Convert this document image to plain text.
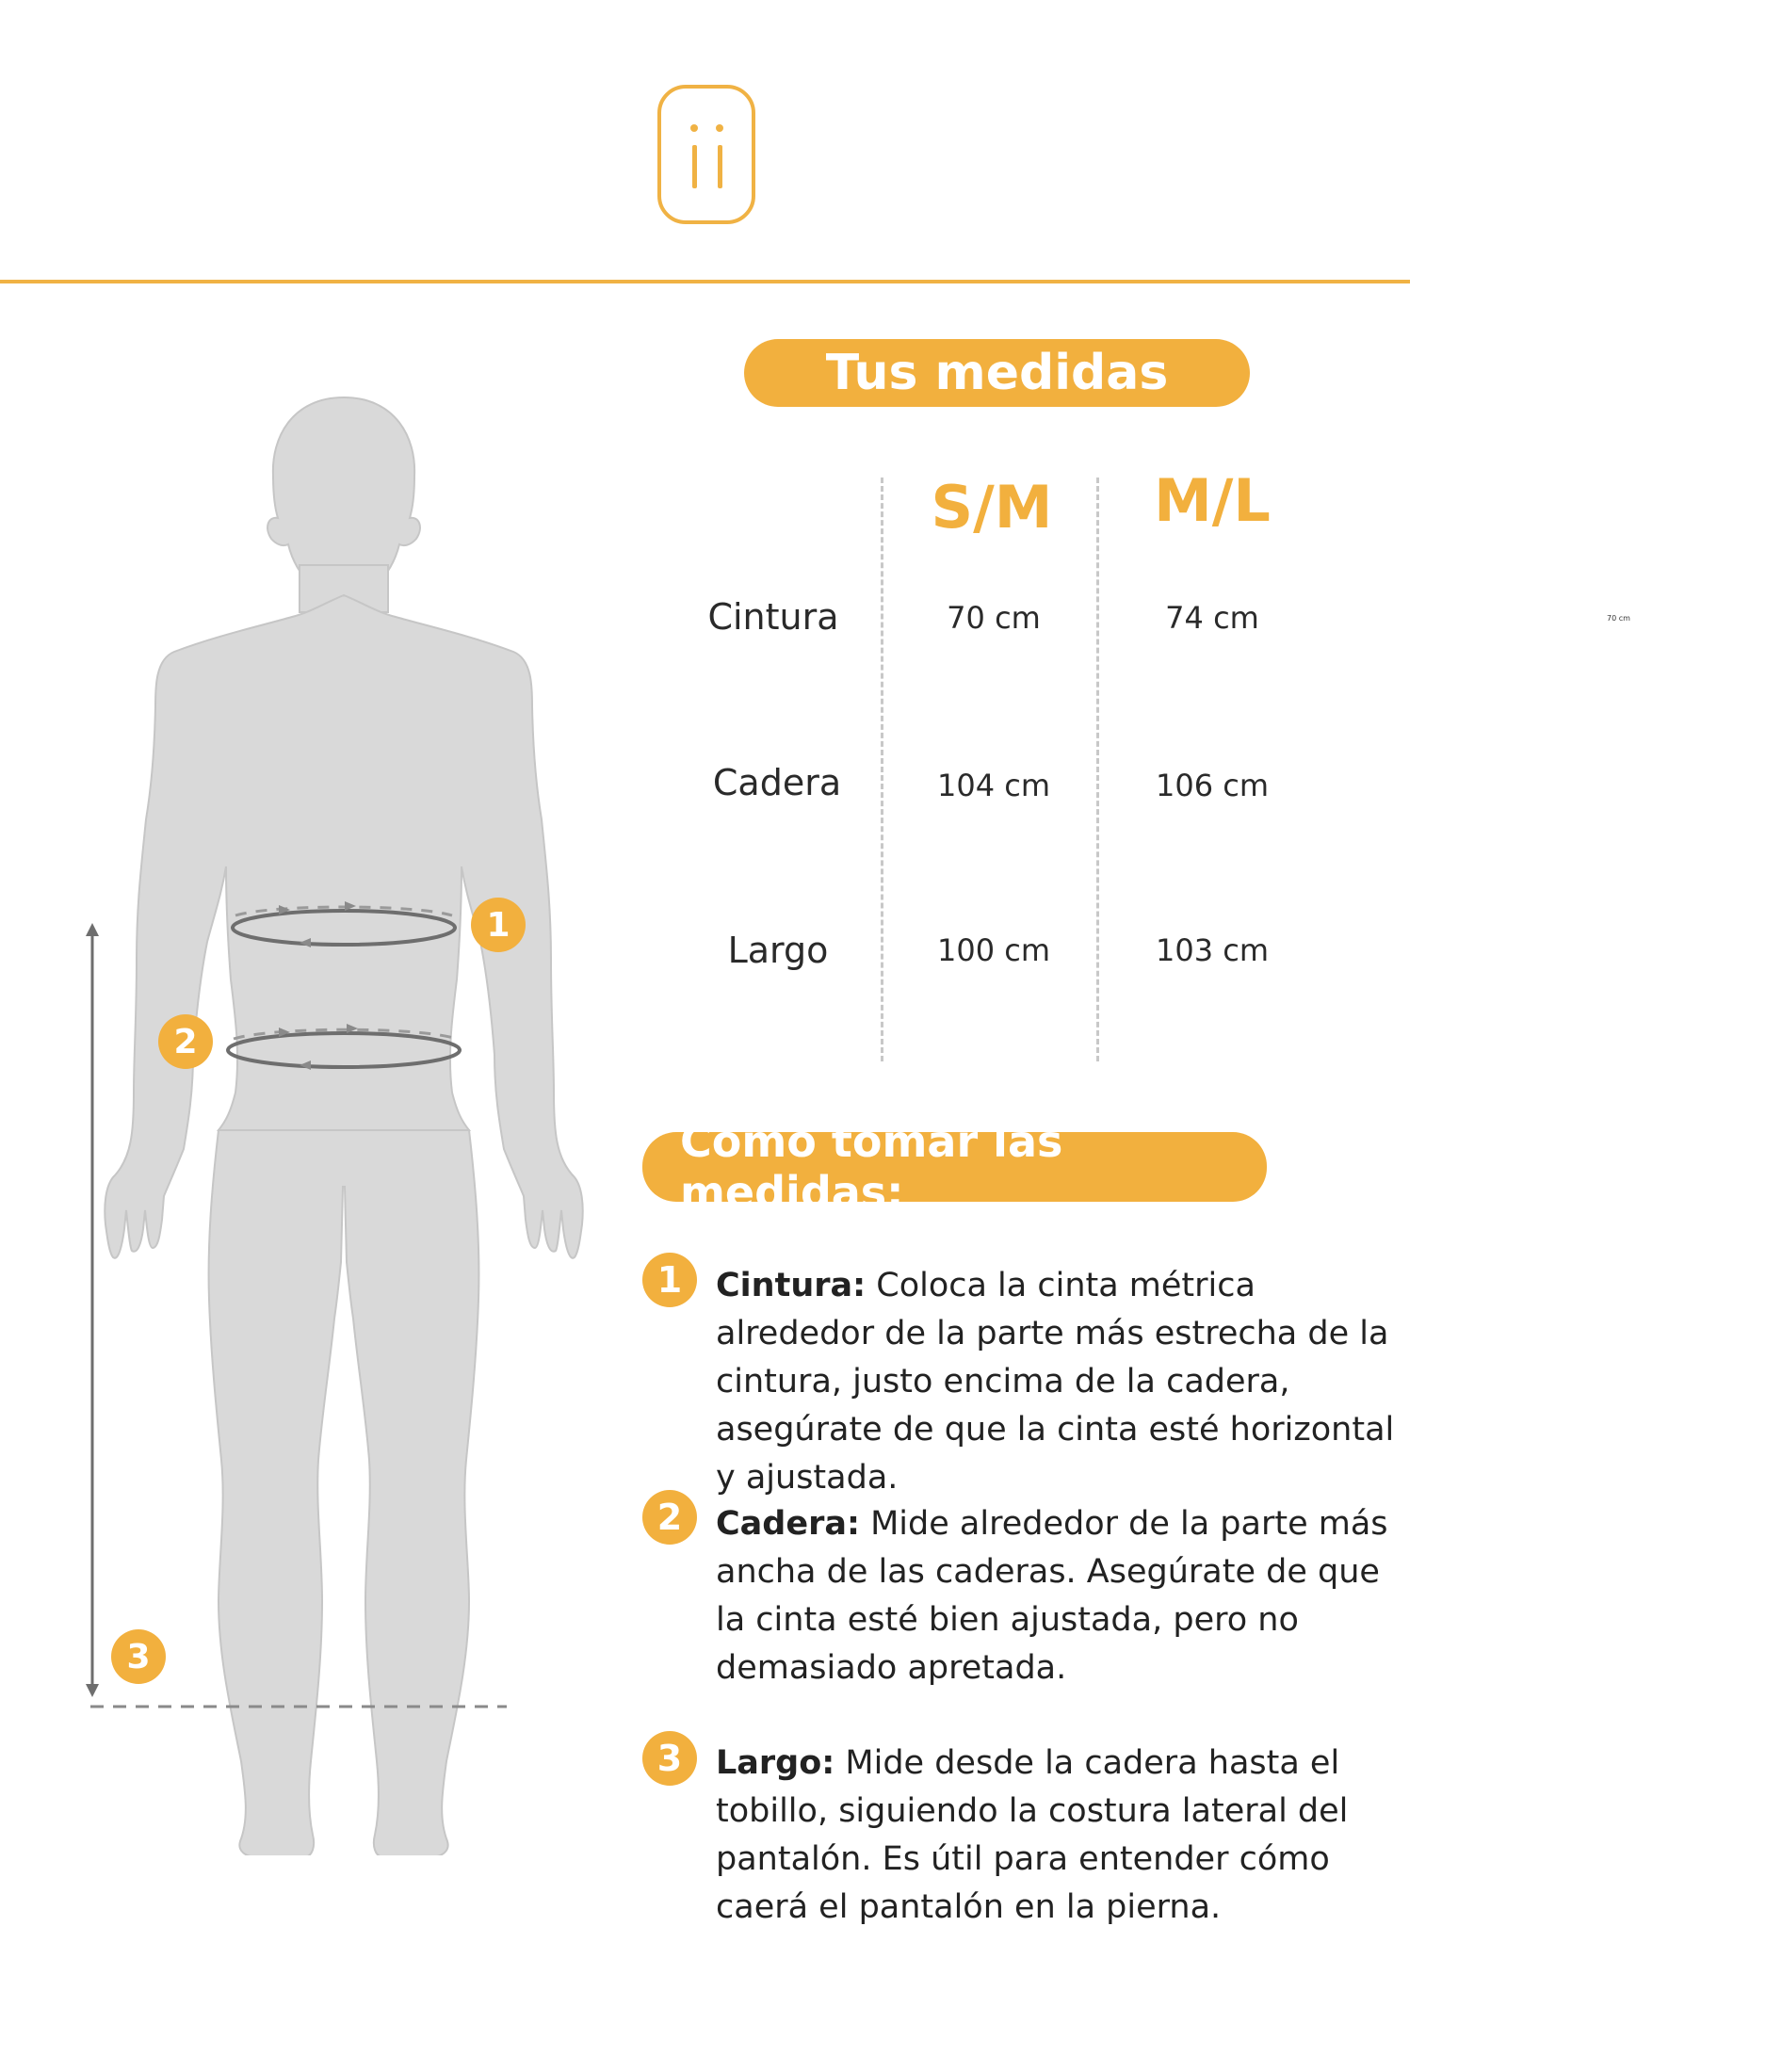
Tus medidas
S/M	M/L
Cintura	70 cm	74 cm
Cadera	104 cm	106 cm
Largo	100 cm	103 cm
70 cm
Cómo tomar las medidas:
1	Cintura: Coloca la cinta métrica alrededor de la parte más estrecha de la cintura, justo encima de la cadera, asegúrate de que la cinta esté horizontal y ajustada.
2	Cadera: Mide alrededor de la parte más ancha de las caderas. Asegúrate de que la cinta esté bien ajustada, pero no demasiado apretada.
3	Largo: Mide desde la cadera hasta el tobillo, siguiendo la costura lateral del pantalón. Es útil para entender cómo caerá el pantalón en la pierna.
1
2
3
